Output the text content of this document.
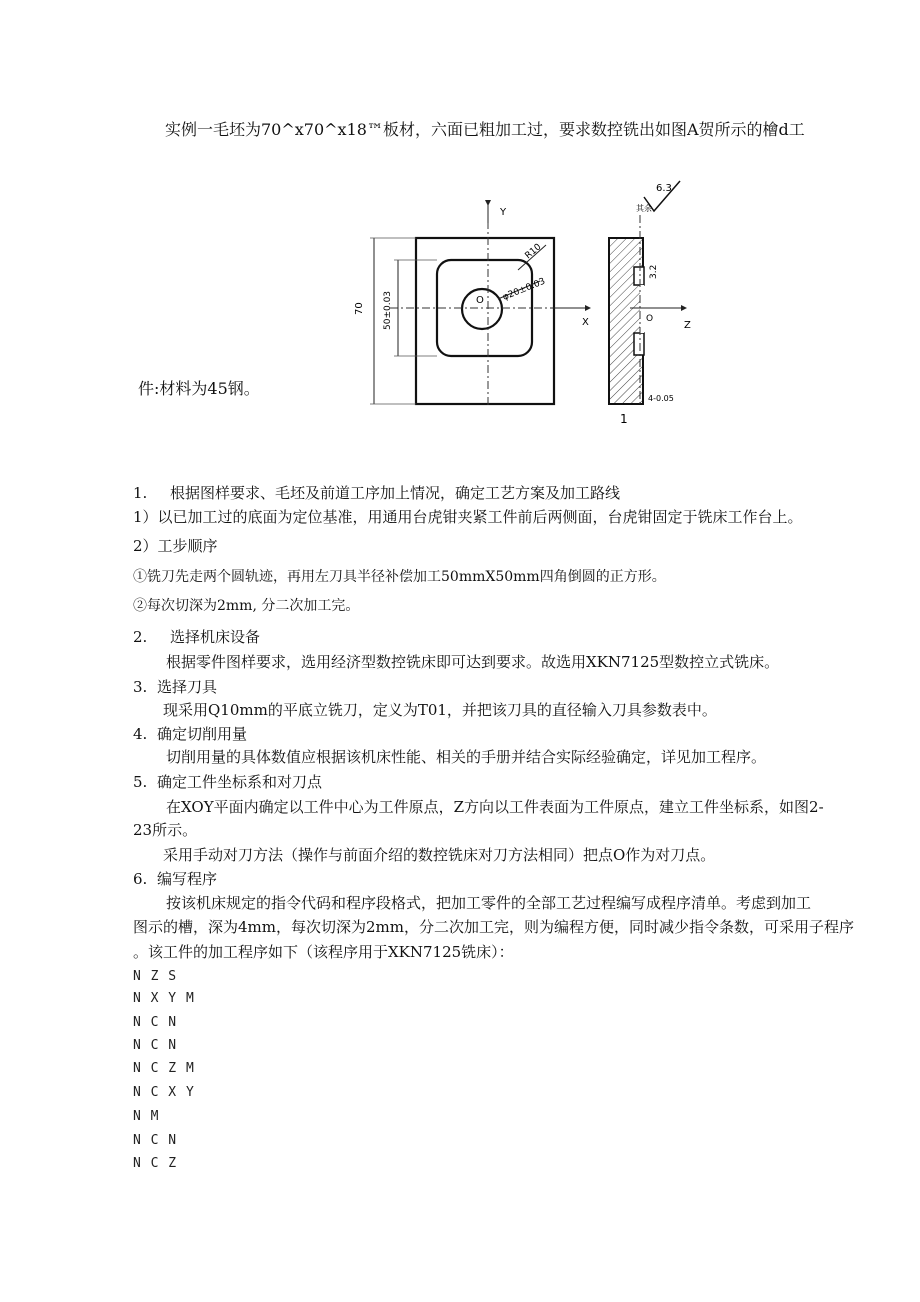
实例一毛坯为70^x70^x18™板材，六面已粗加工过，要求数控铣出如图A贺所示的檜d工
件:材料为45钢。
Y
X
O
R10
φ20±0.03
70 50±0.03	Z
O
3.2
4-0.05
6.3
其余
1
1. 根据图样要求、毛坯及前道工序加上情况，确定工艺方案及加工路线
1）以已加工过的底面为定位基准，用通用台虎钳夹紧工件前后两侧面，台虎钳固定于铣床工作台上。
2）工步顺序
①铣刀先走两个圆轨迹，再用左刀具半径补偿加工50mmX50mm四角倒圆的正方形。
②每次切深为2mm, 分二次加工完。
2. 选择机床设备
根据零件图样要求，选用经济型数控铣床即可达到要求。故选用XKN7125型数控立式铣床。
3. 选择刀具
现采用Q10mm的平底立铣刀，定义为T01，并把该刀具的直径输入刀具参数表中。
4. 确定切削用量
切削用量的具体数值应根据该机床性能、相关的手册并结合实际经验确定，详见加工程序。
5. 确定工件坐标系和对刀点
在XOY平面内确定以工件中心为工件原点，Z方向以工件表面为工件原点，建立工件坐标系，如图2-
23所示。
采用手动对刀方法（操作与前面介绍的数控铣床对刀方法相同）把点O作为对刀点。
6. 编写程序
按该机床规定的指令代码和程序段格式，把加工零件的全部工艺过程编写成程序清单。考虑到加工
图示的槽，深为4mm，每次切深为2mm，分二次加工完，则为编程方便，同时减少指令条数，可采用子程序
。该工件的加工程序如下（该程序用于XKN7125铣床）：
N Z S
N X Y M
N C N
N C N
N C Z M
N C X Y
N M
N C N
N C Z
